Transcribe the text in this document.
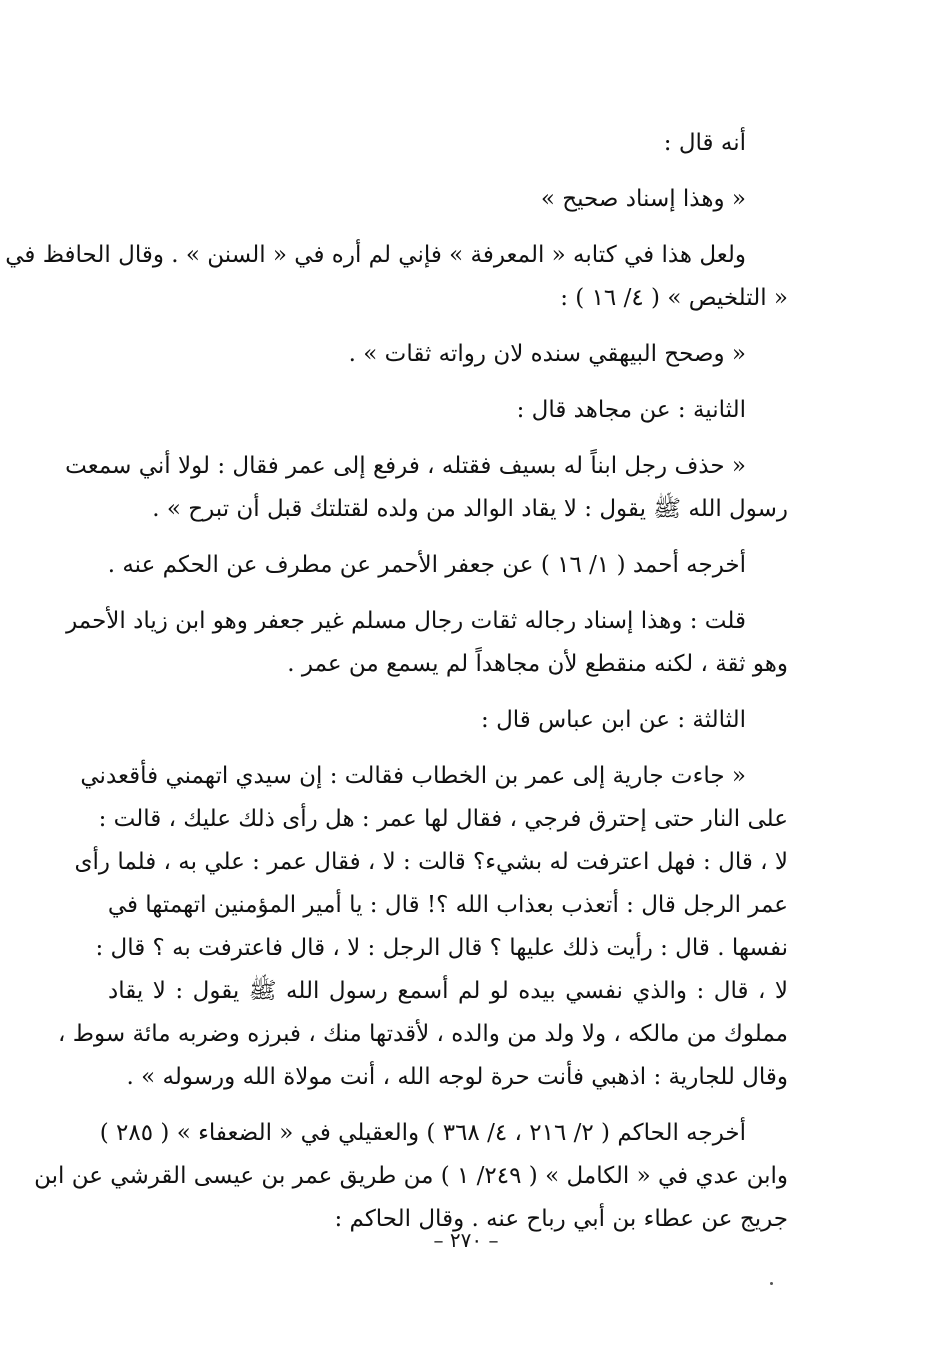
أنه قال :
« وهذا إسناد صحيح »
ولعل هذا في كتابه « المعرفة » فإني لم أره في « السنن » . وقال الحافظ في
« التلخيص » ( ٤/ ١٦ ) :
« وصحح البيهقي سنده لان رواته ثقات » .
الثانية : عن مجاهد قال :
« حذف رجل ابناً له بسيف فقتله ، فرفع إلى عمر فقال : لولا أني سمعت
رسول الله ﷺ يقول : لا يقاد الوالد من ولده لقتلتك قبل أن تبرح » .
أخرجه أحمد ( ١/ ١٦ ) عن جعفر الأحمر عن مطرف عن الحكم عنه .
قلت : وهذا إسناد رجاله ثقات رجال مسلم غير جعفر وهو ابن زياد الأحمر
وهو ثقة ، لكنه منقطع لأن مجاهداً لم يسمع من عمر .
الثالثة : عن ابن عباس قال :
« جاءت جارية إلى عمر بن الخطاب فقالت : إن سيدي اتهمني فأقعدني
على النار حتى إحترق فرجي ، فقال لها عمر : هل رأى ذلك عليك ، قالت :
لا ، قال : فهل اعترفت له بشيء؟ قالت : لا ، فقال عمر : علي به ، فلما رأى
عمر الرجل قال : أتعذب بعذاب الله ؟! قال : يا أمير المؤمنين اتهمتها في
نفسها . قال : رأيت ذلك عليها ؟ قال الرجل : لا ، قال فاعترفت به ؟ قال :
لا ، قال : والذي نفسي بيده لو لم أسمع رسول الله ﷺ يقول : لا يقاد
مملوك من مالكه ، ولا ولد من والده ، لأقدتها منك ، فبرزه وضربه مائة سوط ،
وقال للجارية : اذهبي فأنت حرة لوجه الله ، أنت مولاة الله ورسوله » .
أخرجه الحاكم ( ٢/ ٢١٦ ، ٤/ ٣٦٨ ) والعقيلي في « الضعفاء » ( ٢٨٥ )
وابن عدي في « الكامل » ( ٢٤٩/ ١ ) من طريق عمر بن عيسى القرشي عن ابن
جريج عن عطاء بن أبي رباح عنه . وقال الحاكم :
– ٢٧٠ –
